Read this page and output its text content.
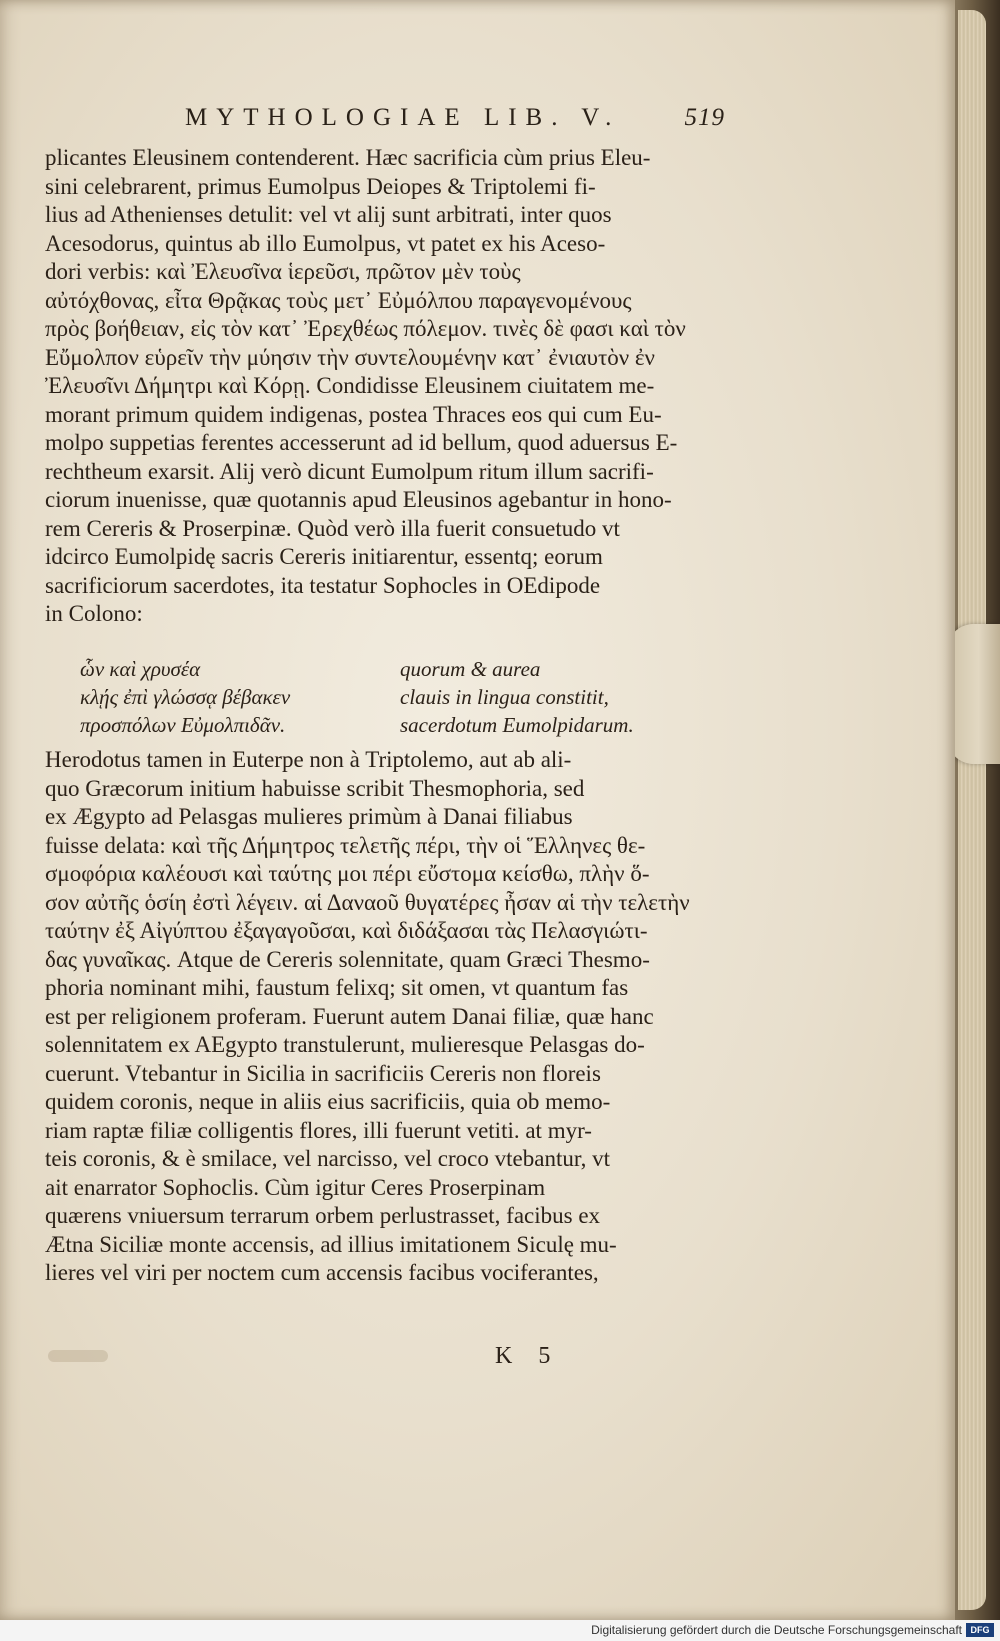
MYTHOLOGIAE LIB. V.	519
plicantes Eleusinem contenderent. Hæc sacrificia cùm prius Eleu-
sini celebrarent, primus Eumolpus Deiopes & Triptolemi fi-
lius ad Athenienses detulit: vel vt alij sunt arbitrati, inter quos
Acesodorus, quintus ab illo Eumolpus, vt patet ex his Aceso-
dori verbis: καὶ Ἐλευσῖνα ἱερεῦσι, πρῶτον μὲν τοὺς
αὐτόχθονας, εἶτα Θρᾷκας τοὺς μετ᾽ Εὐμόλπου παραγενομένους
πρὸς βοήθειαν, εἰς τὸν κατ᾽ Ἐρεχθέως πόλεμον. τινὲς δὲ φασι καὶ τὸν
Εὔμολπον εὑρεῖν τὴν μύησιν τὴν συντελουμένην κατ᾽ ἐνιαυτὸν ἐν
Ἐλευσῖνι Δήμητρι καὶ Κόρῃ. Condidisse Eleusinem ciuitatem me-
morant primum quidem indigenas, postea Thraces eos qui cum Eu-
molpo suppetias ferentes accesserunt ad id bellum, quod aduersus E-
rechtheum exarsit. Alij verò dicunt Eumolpum ritum illum sacrifi-
ciorum inuenisse, quæ quotannis apud Eleusinos agebantur in hono-
rem Cereris & Proserpinæ. Quòd verò illa fuerit consuetudo vt
idcirco Eumolpidę sacris Cereris initiarentur, essentq; eorum
sacrificiorum sacerdotes, ita testatur Sophocles in OEdipode
in Colono:
ὧν καὶ χρυσέα
κλῄς ἐπὶ γλώσσᾳ βέβακεν
προσπόλων Εὐμολπιδᾶν.
quorum & aurea
clauis in lingua constitit,
sacerdotum Eumolpidarum.
Herodotus tamen in Euterpe non à Triptolemo, aut ab ali-
quo Græcorum initium habuisse scribit Thesmophoria, sed
ex Ægypto ad Pelasgas mulieres primùm à Danai filiabus
fuisse delata: καὶ τῆς Δήμητρος τελετῆς πέρι, τὴν οἱ Ἕλληνες θε-
σμοφόρια καλέουσι καὶ ταύτης μοι πέρι εὔστομα κείσθω, πλὴν ὅ-
σον αὐτῆς ὁσίη ἐστὶ λέγειν. αἱ Δαναοῦ θυγατέρες ἦσαν αἱ τὴν τελετὴν
ταύτην ἐξ Αἰγύπτου ἐξαγαγοῦσαι, καὶ διδάξασαι τὰς Πελασγιώτι-
δας γυναῖκας. Atque de Cereris solennitate, quam Græci Thesmo-
phoria nominant mihi, faustum felixq; sit omen, vt quantum fas
est per religionem proferam. Fuerunt autem Danai filiæ, quæ hanc
solennitatem ex AEgypto transtulerunt, mulieresque Pelasgas do-
cuerunt. Vtebantur in Sicilia in sacrificiis Cereris non floreis
quidem coronis, neque in aliis eius sacrificiis, quia ob memo-
riam raptæ filiæ colligentis flores, illi fuerunt vetiti. at myr-
teis coronis, & è smilace, vel narcisso, vel croco vtebantur, vt
ait enarrator Sophoclis. Cùm igitur Ceres Proserpinam
quærens vniuersum terrarum orbem perlustrasset, facibus ex
Ætna Siciliæ monte accensis, ad illius imitationem Siculę mu-
lieres vel viri per noctem cum accensis facibus vociferantes,
K 5
Digitalisierung gefördert durch die Deutsche Forschungsgemeinschaft DFG
